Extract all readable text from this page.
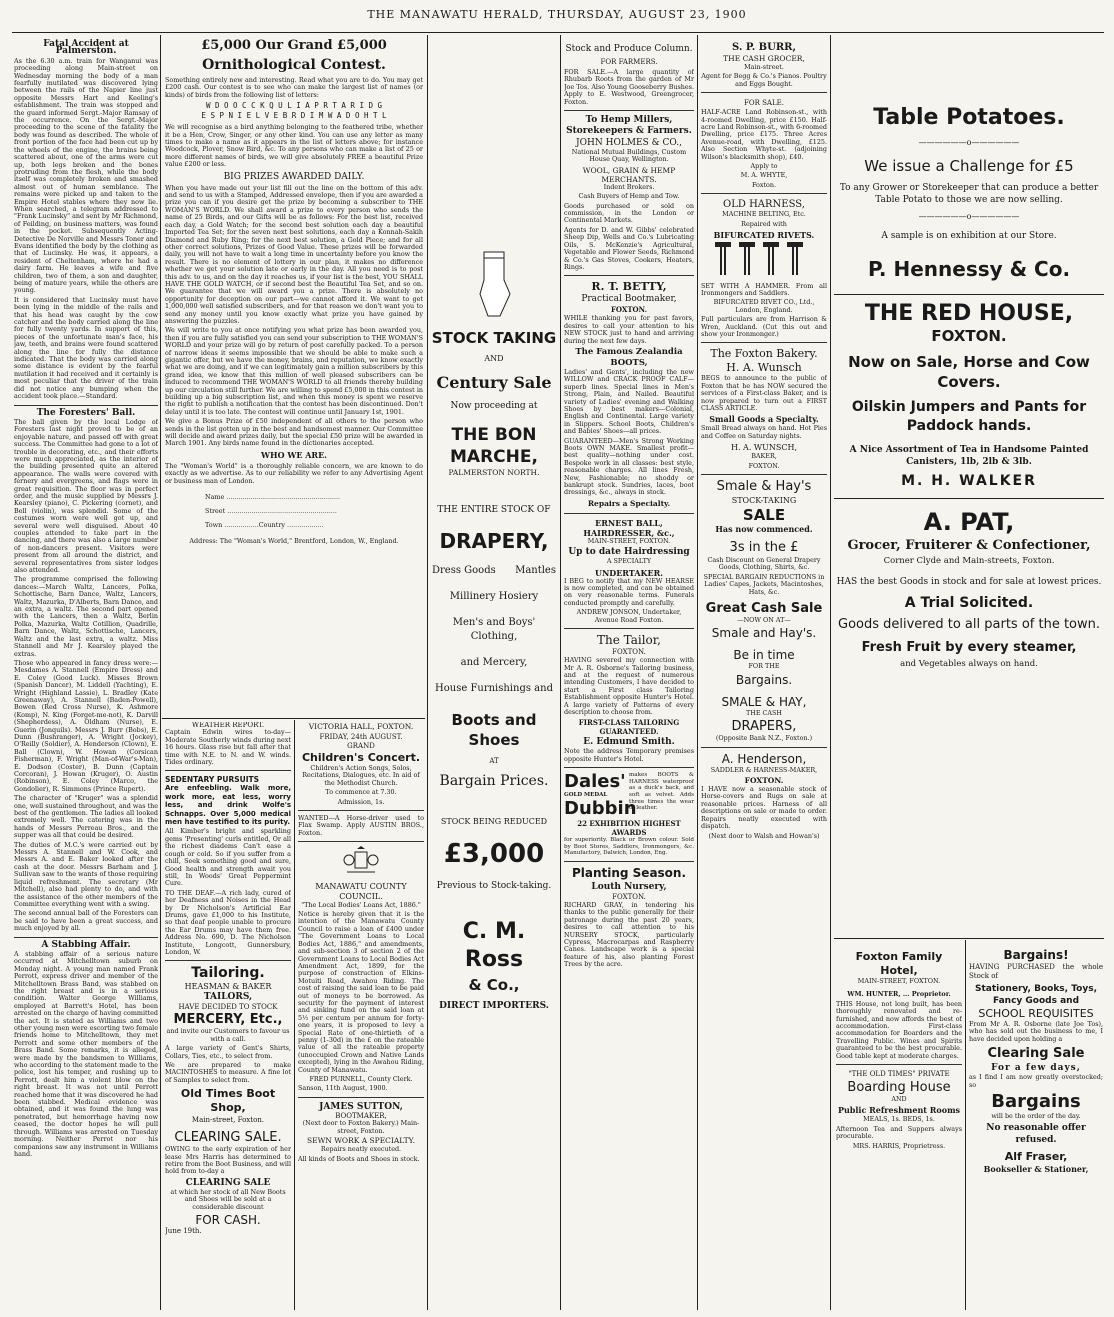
THE MANAWATU HERALD, THURSDAY, AUGUST 23, 1900
Fatal Accident at Palmerston.

As the 6.30 a.m. train for Wanganui was proceeding along Main-street on Wednesday morning the body of a man fearfully mutilated was discovered lying between the rails of the Napier line just opposite Messrs Hart and Keeling's establishment. The train was stopped and the guard informed Sergt.-Major Ramsay of the occurrence. On the Sergt.-Major proceeding to the scene of the fatality the body was found as described. The whole of front portion of the face had been cut up by the wheels of the engine, the brains being scattered about, one of the arms were cut up, both legs broken and the bones protruding from the flesh, while the body itself was completely broken and smashed almost out of human semblance. The remains were picked up and taken to the Empire Hotel stables where they now lie. When searched, a telegram addressed to "Frank Lucinsky" and sent by Mr Richmond, of Feilding, on business matters, was found in the pocket. Subsequently Acting-Detective De Norville and Messrs Toner and Evans identified the body by the clothing as that of Lucinsky. He was, it appears, a resident of Cheltenham, where he had a dairy farm. He leaves a wife and five children, two of them, a son and daughter, being of mature years, while the others are young.

It is considered that Lucinsky must have been lying in the middle of the rails and that his head was caught by the cow catcher and the body carried along the line for fully twenty yards. In support of this, pieces of the unfortunate man's face, his jaw, teeth, and brains were found scattered along the line for fully the distance indicated. That the body was carried along some distance is evident by the fearful mutilation it had received and it certainly is most peculiar that the driver of the train did not notice any bumping when the accident took place.—Standard.

The Foresters' Ball.

The ball given by the local Lodge of Foresters last night proved to be of an enjoyable nature, and passed off with great success. The Committee had gone to a lot of trouble in decorating, etc., and their efforts were much appreciated, as the interior of the building presented quite an altered appearance. The walls were covered with fernery and evergreens, and flags were in great requisition. The floor was in perfect order, and the music supplied by Messrs J. Kearsley (piano), C. Pickering (cornet), and Bell (violin), was splendid. Some of the costumes worn were well got up, and several were well disguised. About 40 couples attended to take part in the dancing, and there was also a large number of non-dancers present. Visitors were present from all around the district, and several representatives from sister lodges also attended.

The programme comprised the following dances:—March Waltz, Lancers, Polka, Schottische, Barn Dance, Waltz, Lancers, Waltz, Mazurka, D'Alberts, Barn Dance, and an extra, a waltz. The second part opened with the Lancers, then a Waltz, Berlin Polka, Mazurka, Waltz Cotillion, Quadrille, Barn Dance, Waltz, Schottische, Lancers, Waltz and the last extra, a waltz. Miss Stannell and Mr J. Kearsley played the extras.

Those who appeared in fancy dress were:—Mesdames A. Stannell (Empire Dress) and E. Coley (Good Luck). Misses Brown (Spanish Dancer), M. Liddell (Yachting), E. Wright (Highland Lassie), L. Bradley (Kate Greenaway), A. Stannell (Baden-Powell), Bowen (Red Cross Nurse), K. Ashmore (Komp), N. King (Forget-me-not), K. Darvill (Shepherdess), A. Oldham (Nurse), E. Guerin (Jonquils). Messrs J. Burr (Bobs), E. Dunn (Bushranger), A. Wright (Jockey), O'Reilly (Soldier), A. Henderson (Clown), E. Ball (Clown), W. Howan (Corsican Fisherman), F. Wright (Man-of-War's-Man), E. Dodson (Coster), B. Dunn (Captain Corcoran), J. Howan (Kruger), O. Austin (Robinson), E. Coley (Marco, the Gondolier), R. Simmons (Prince Rupert).

The character of "Kruger" was a splendid one, well sustained throughout, and was the best of the gentlemen. The ladies all looked extremely well. The catering was in the hands of Messrs Perreau Bros., and the supper was all that could be desired.

The duties of M.C.'s were carried out by Messrs A. Stannell and W. Cook, and Messrs A. and E. Baker looked after the cash at the door. Messrs Barham and J. Sullivan saw to the wants of those requiring liquid refreshment. The secretary (Mr Mitchell), also had plenty to do, and with the assistance of the other members of the Committee everything went with a swing.

The second annual ball of the Foresters can be said to have been a great success, and much enjoyed by all.

A Stabbing Affair.

A stabbing affair of a serious nature occurred at Mitchelltown suburb on Monday night. A young man named Frank Perrott, express driver and member of the Mitchelltown Brass Band, was stabbed on the right breast and is in a serious condition. Walter George Williams, employed at Barrett's Hotel, has been arrested on the charge of having committed the act. It is stated as Williams and two other young men were escorting two female friends home to Mitchelltown, they met Perrott and some other members of the Brass Band. Some remarks, it is alleged, were made by the bandsmen to Williams, who according to the statement made to the police, lost his temper, and rushing up to Perrott, dealt him a violent blow on the right breast. It was not until Perrott reached home that it was discovered he had been stabbed. Medical evidence was obtained, and it was found the lung was penetrated, but hemorrhage having now ceased, the doctor hopes he will pull through. Williams was arrested on Tuesday morning. Neither Perrot nor his companions saw any instrument in Williams hand.

£5,000 Our Grand £5,000
Ornithological Contest.

Something entirely new and interesting. Read what you are to do. You may get £200 cash. Our contest is to see who can make the largest list of names (or kinds) of birds from the following list of letters:

W D O O C C K Q U L I A P R T A R I D G
E S P N I E L V E B R D I M W A D O H T L

We will recognise as a bird anything belonging to the feathered tribe, whether it be a Hen, Crow, Singer, or any other kind. You can use any letter as many times to make a name as it appears in the list of letters above; for instance Woodcock, Plover, Snow Bird, &c. To any persons who can make a list of 25 or more different names of birds, we will give absolutely FREE a beautiful Prize value £200 or less.

BIG PRIZES AWARDED DAILY.

When you have made out your list fill out the line on the bottom of this adv. and send to us with a Stamped, Addressed envelope, then if you are awarded a prize you can if you desire get the prize by becoming a subscriber to THE WOMAN'S WORLD. We shall award a prize to every person who sends the name of 25 Birds, and our Gifts will be as follows: For the best list, received each day, a Gold Watch; for the second best solution each day a beautiful Imported Tea Set; for the seven next best solutions, each day a Konnah-Sakih Diamond and Ruby Ring; for the next best solution, a Gold Piece; and for all other correct solutions, Prizes of Good Value. These prizes will be forwarded daily, you will not have to wait a long time in uncertainty before you know the result. There is no element of lottery in our plan, it makes no difference whether we get your solution late or early in the day. All you need is to post this adv. to us, and on the day it reaches us, if your list is the best, YOU SHALL HAVE THE GOLD WATCH, or if second best the Beautiful Tea Set, and so on. We guarantee that we will award you a prize. There is absolutely no opportunity for deception on our part—we cannot afford it. We want to get 1,000,000 well satisfied subscribers, and for that reason we don't want you to send any money until you know exactly what prize you have gained by answering the puzzles.

We will write to you at once notifying you what prize has been awarded you, then if you are fully satisfied you can send your subscription to THE WOMAN'S WORLD and your prize will go by return of post carefully packed. To a person of narrow ideas it seems impossible that we should be able to make such a gigantic offer, but we have the money, brains, and reputation, we know exactly what we are doing, and if we can legitimately gain a million subscribers by this grand idea, we know that this million of well pleased subscribers can be induced to recommend THE WOMAN'S WORLD to all friends thereby building up our circulation still further. We are willing to spend £5,000 in this contest in building up a big subscription list, and when this money is spent we reserve the right to publish a notification that the contest has been discontinued. Don't delay until it is too late. The contest will continue until January 1st, 1901.

We give a Bonus Prize of £50 independent of all others to the person who sends in the list gotten up in the best and handsomest manner. Our Committee will decide and award prizes daily, but the special £50 prize will be awarded in March 1901. Any birds name found in the dictionaries accepted.

WHO WE ARE.

The "Woman's World" is a thoroughly reliable concern, we are known to do exactly as we advertise. As to our reliability we refer to any Advertising Agent or business man of London.

Name ........................................................
Street ......................................................
Town .................Country ..................

Address: The "Woman's World," Brentford, London, W., England.

WEATHER REPORT.

Captain Edwin wires to-day—Moderate Southerly winds during next 16 hours. Glass rise but fall after that time with N.E. to N. and W. winds. Tides ordinary.

SEDENTARY PURSUITS

Are enfeebling. Walk more, work more, eat less, worry less, and drink Wolfe's Schnapps. Over 5,000 medical men have testified to its purity.

All Kimber's bright and sparkling gems 'Presenting' curls entitled, Or all the richest diadems Can't ease a cough or cold. So if you suffer from a chill, Seek something good and sure, Good health and strength await you still, In Woods' Great Peppermint Cure.

TO THE DEAF.—A rich lady, cured of her Deafness and Noises in the Head by Dr Nicholson's Artificial Ear Drums, gave £1,000 to his Institute, so that deaf people unable to procure the Ear Drums may have them free. Address No. 690, D. The Nicholson Institute, Longcott, Gunnersbury, London, W.

Tailoring.
HEASMAN & BAKER
TAILORS,
HAVE DECIDED TO STOCK
MERCERY, Etc.,

and invite our Customers to favour us with a call.

A large variety of Gent's Shirts, Collars, Ties, etc., to select from.

We are prepared to make MACINTOSHES to measure. A fine lot of Samples to select from.

Old Times Boot Shop,
Main-street, Foxton.
CLEARING SALE.

OWING to the early expiration of her lease Mrs Harris has determined to retire from the Boot Business, and will hold from to-day a

CLEARING SALE

at which her stock of all New Boots and Shoes will be sold at a considerable discount

FOR CASH.
June 19th.
VICTORIA HALL, FOXTON.
FRIDAY, 24th AUGUST.
GRAND
Children's Concert.

Children's Action Songs, Solos, Recitations, Dialogues, etc. In aid of the Methodist Church.

To commence at 7.30.

Admission, 1s.

WANTED—A Horse-driver used to Flax Swamp. Apply AUSTIN BROS., Foxton.

MANAWATU COUNTY COUNCIL.

"The Local Bodies' Loans Act, 1886."

Notice is hereby given that it is the intention of the Manawatu County Council to raise a loan of £400 under "The Government Loans to Local Bodies Act, 1886," and amendments, and sub-section 3 of section 2 of the Government Loans to Local Bodies Act Amendment Act, 1899, for the purpose of construction of Elkins-Motuiti Road, Awahou Riding. The cost of raising the said loan to be paid out of moneys to be borrowed. As security for the payment of interest and sinking fund on the said loan at 5½ per centum per annum for forty-one years, it is proposed to levy a Special Rate of one-thirtieth of a penny (1-30d) in the £ on the rateable value of all the rateable property (unoccupied Crown and Native Lands excepted), lying in the Awahou Riding, County of Manawatu.

FRED PURNELL, County Clerk.

Sanson, 11th August, 1900.

JAMES SUTTON,
BOOTMAKER,

(Next door to Foxton Bakery.) Main-street, Foxton.

SEWN WORK A SPECIALTY.

Repairs neatly executed.

All kinds of Boots and Shoes in stock.

STOCK TAKING
AND
Century Sale
Now proceeding at
THE BON MARCHE,
PALMERSTON NORTH.
THE ENTIRE STOCK OF
DRAPERY,
Dress Goods Mantles
Millinery Hosiery
Men's and Boys' Clothing,
and Mercery,
House Furnishings and
Boots and Shoes
AT
Bargain Prices.
STOCK BEING REDUCED
£3,000
Previous to Stock-taking.
C. M. Ross
& Co.,
DIRECT IMPORTERS.
Stock and Produce Column.
FOR FARMERS.

FOR SALE.—A large quantity of Rhubarb Roots from the garden of Mr Joe Tos. Also Young Gooseberry Bushes. Apply to E. Westwood, Greengrocer, Foxton.

To Hemp Millers, Storekeepers & Farmers.
JOHN HOLMES & CO.,

National Mutual Buildings, Custom House Quay, Wellington.

WOOL, GRAIN & HEMP MERCHANTS.

Indent Brokers.

Cash Buyers of Hemp and Tow.

Goods purchased or sold on commission, in the London or Continental Markets.

Agents for D. and W. Gibbs' celebrated Sheep Dip, Wells and Co.'s Lubricating Oils, S. McKenzie's Agricultural, Vegetable and Flower Seeds, Richmond & Co.'s Gas Stoves, Cookers, Heaters, Rings.

R. T. BETTY,
Practical Bootmaker,
FOXTON.

WHILE thanking you for past favors, desires to call your attention to his NEW STOCK just to hand and arriving during the next few days.

The Famous Zealandia BOOTS,

Ladies' and Gents', including the new WILLOW and CRACK PROOF CALF—superb lines. Special lines in Men's Strong, Plain, and Nailed. Beautiful variety of Ladies' evening and Walking Shoes by best makers—Colonial, English and Continental. Large variety in Slippers. School Boots, Children's and Babies' Shoes—all prices.

GUARANTEED—Men's Strong Working Boots OWN MAKE. Smallest profit—best quality—nothing under cost. Bespoke work in all classes: best style, reasonable charges. All lines Fresh, New, Fashionable; no shoddy or bankrupt stock. Sundries, laces, boot dressings, &c., always in stock.

Repairs a Specialty.
ERNEST BALL,
HAIRDRESSER, &c.,

MAIN-STREET, FOXTON.

Up to date Hairdressing

A SPECIALTY

UNDERTAKER.

I BEG to notify that my NEW HEARSE is now completed, and can be obtained on very reasonable terms. Funerals conducted promptly and carefully.

ANDREW JONSON, Undertaker, Avenue Road Foxton.

The Tailor,
FOXTON.

HAVING severed my connection with Mr A. R. Osborne's Tailoring business, and at the request of numerous intending Customers, I have decided to start a First class Tailoring Establishment opposite Hunter's Hotel. A large variety of Patterns of every description to choose from.

FIRST-CLASS TAILORING GUARANTEED.
E. Edmund Smith.

Note the address Temporary premises opposite Hunter's Hotel.

Dales'
GOLD MEDAL
Dubbin
makes BOOTS & HARNESS waterproof as a duck's back, and soft as velvet. Adds three times the wear of leather.
22 EXHIBITION HIGHEST AWARDS

for superiority. Black or Brown colour. Sold by Boot Stores, Saddlers, Ironmongers, &c. Manufactory, Dalwich, London, Eng.

Planting Season.
Louth Nursery,
FOXTON.

RICHARD GRAY, in tendering his thanks to the public generally for their patronage during the past 20 years, desires to call attention to his NURSERY STOCK, particularly Cypress, Macrocarpas and Raspberry Canes. Landscape work is a special feature of his, also planting Forest Trees by the acre.

S. P. BURR,
THE CASH GROCER,

Main-street.

Agent for Begg & Co.'s Pianos. Poultry and Eggs Bought.

FOR SALE.

HALF-ACRE Land Robinson-st., with 4-roomed Dwelling, price £150. Half-acre Land Robinson-st., with 6-roomed Dwelling, price £175. Three Acres Avenue-road, with Dwelling, £125. Also Section Whyte-st. (adjoining Wilson's blacksmith shop), £40.

Apply to

M. A. WHYTE,

Foxton.

OLD HARNESS,

MACHINE BELTING, Etc.

Repaired with

BIFURCATED RIVETS.

SET WITH A HAMMER. From all Ironmongers and Saddlers.

BIFURCATED RIVET CO., Ltd., London, England.

Full particulars are from Harrison & Wren, Auckland. (Cut this out and show your Ironmonger.)

The Foxton Bakery.
H. A. Wunsch

BEGS to announce to the public of Foxton that he has NOW secured the services of a First-class Baker, and is now prepared to turn out a FIRST CLASS ARTICLE.

Small Goods a Specialty.

Small Bread always on hand. Hot Pies and Coffee on Saturday nights.

H. A. WUNSCH,

BAKER,

FOXTON.

Smale & Hay's
STOCK-TAKING
SALE
Has now commenced.
3s in the £

Cash Discount on General Drapery Goods, Clothing, Shirts, &c.

SPECIAL BARGAIN REDUCTIONS in Ladies' Capes, Jackets, Macintoshes, Hats, &c.

Great Cash Sale

—NOW ON AT—

Smale and Hay's.
Be in time

FOR THE

Bargains.
SMALE & HAY,

THE CASH

DRAPERS,

(Opposite Bank N.Z., Foxton.)

A. Henderson,

SADDLER & HARNESS-MAKER,

FOXTON.

I HAVE now a seasonable stock of Horse-covers and Rugs on sale at reasonable prices. Harness of all descriptions on sale or made to order. Repairs neatly executed with dispatch.

(Next door to Walsh and Howan's)

Table Potatoes.
——————o——————
We issue a Challenge for £5
To any Grower or Storekeeper that can produce a better Table Potato to those we are now selling.
——————o——————
A sample is on exhibition at our Store.
P. Hennessy & Co.
THE RED HOUSE,
FOXTON.
Now on Sale, Horse and Cow Covers.
Oilskin Jumpers and Pants for Paddock hands.
A Nice Assortment of Tea in Handsome Painted Canisters, 1lb, 2lb & 3lb.
M. H. WALKER
A. PAT,
Grocer, Fruiterer & Confectioner,
Corner Clyde and Main-streets, Foxton.
HAS the best Goods in stock and for sale at lowest prices.
A Trial Solicited.
Goods delivered to all parts of the town.
Fresh Fruit by every steamer,
and Vegetables always on hand.
Foxton Family Hotel,

MAIN-STREET, FOXTON.

WM. HUNTER, ... Proprietor.

THIS House, not long built, has been thoroughly renovated and re-furnished, and now affords the best of accommodation. First-class accommodation for Boarders and the Travelling Public. Wines and Spirits guaranteed to be the best procurable. Good table kept at moderate charges.

"THE OLD TIMES" PRIVATE
Boarding House

AND

Public Refreshment Rooms

MEALS, 1s. BEDS, 1s.

Afternoon Tea and Suppers always procurable.

MRS. HARRIS, Proprietress.

Bargains!

HAVING PURCHASED the whole Stock of

Stationery, Books, Toys, Fancy Goods and
SCHOOL REQUISITES

From Mr A. R. Osborne (late Joe Tos), who has sold out the business to me, I have decided upon holding a

Clearing Sale
For a few days,

as I find I am now greatly overstocked; so

Bargains

will be the order of the day.

No reasonable offer refused.
Alf Fraser,
Bookseller & Stationer,
